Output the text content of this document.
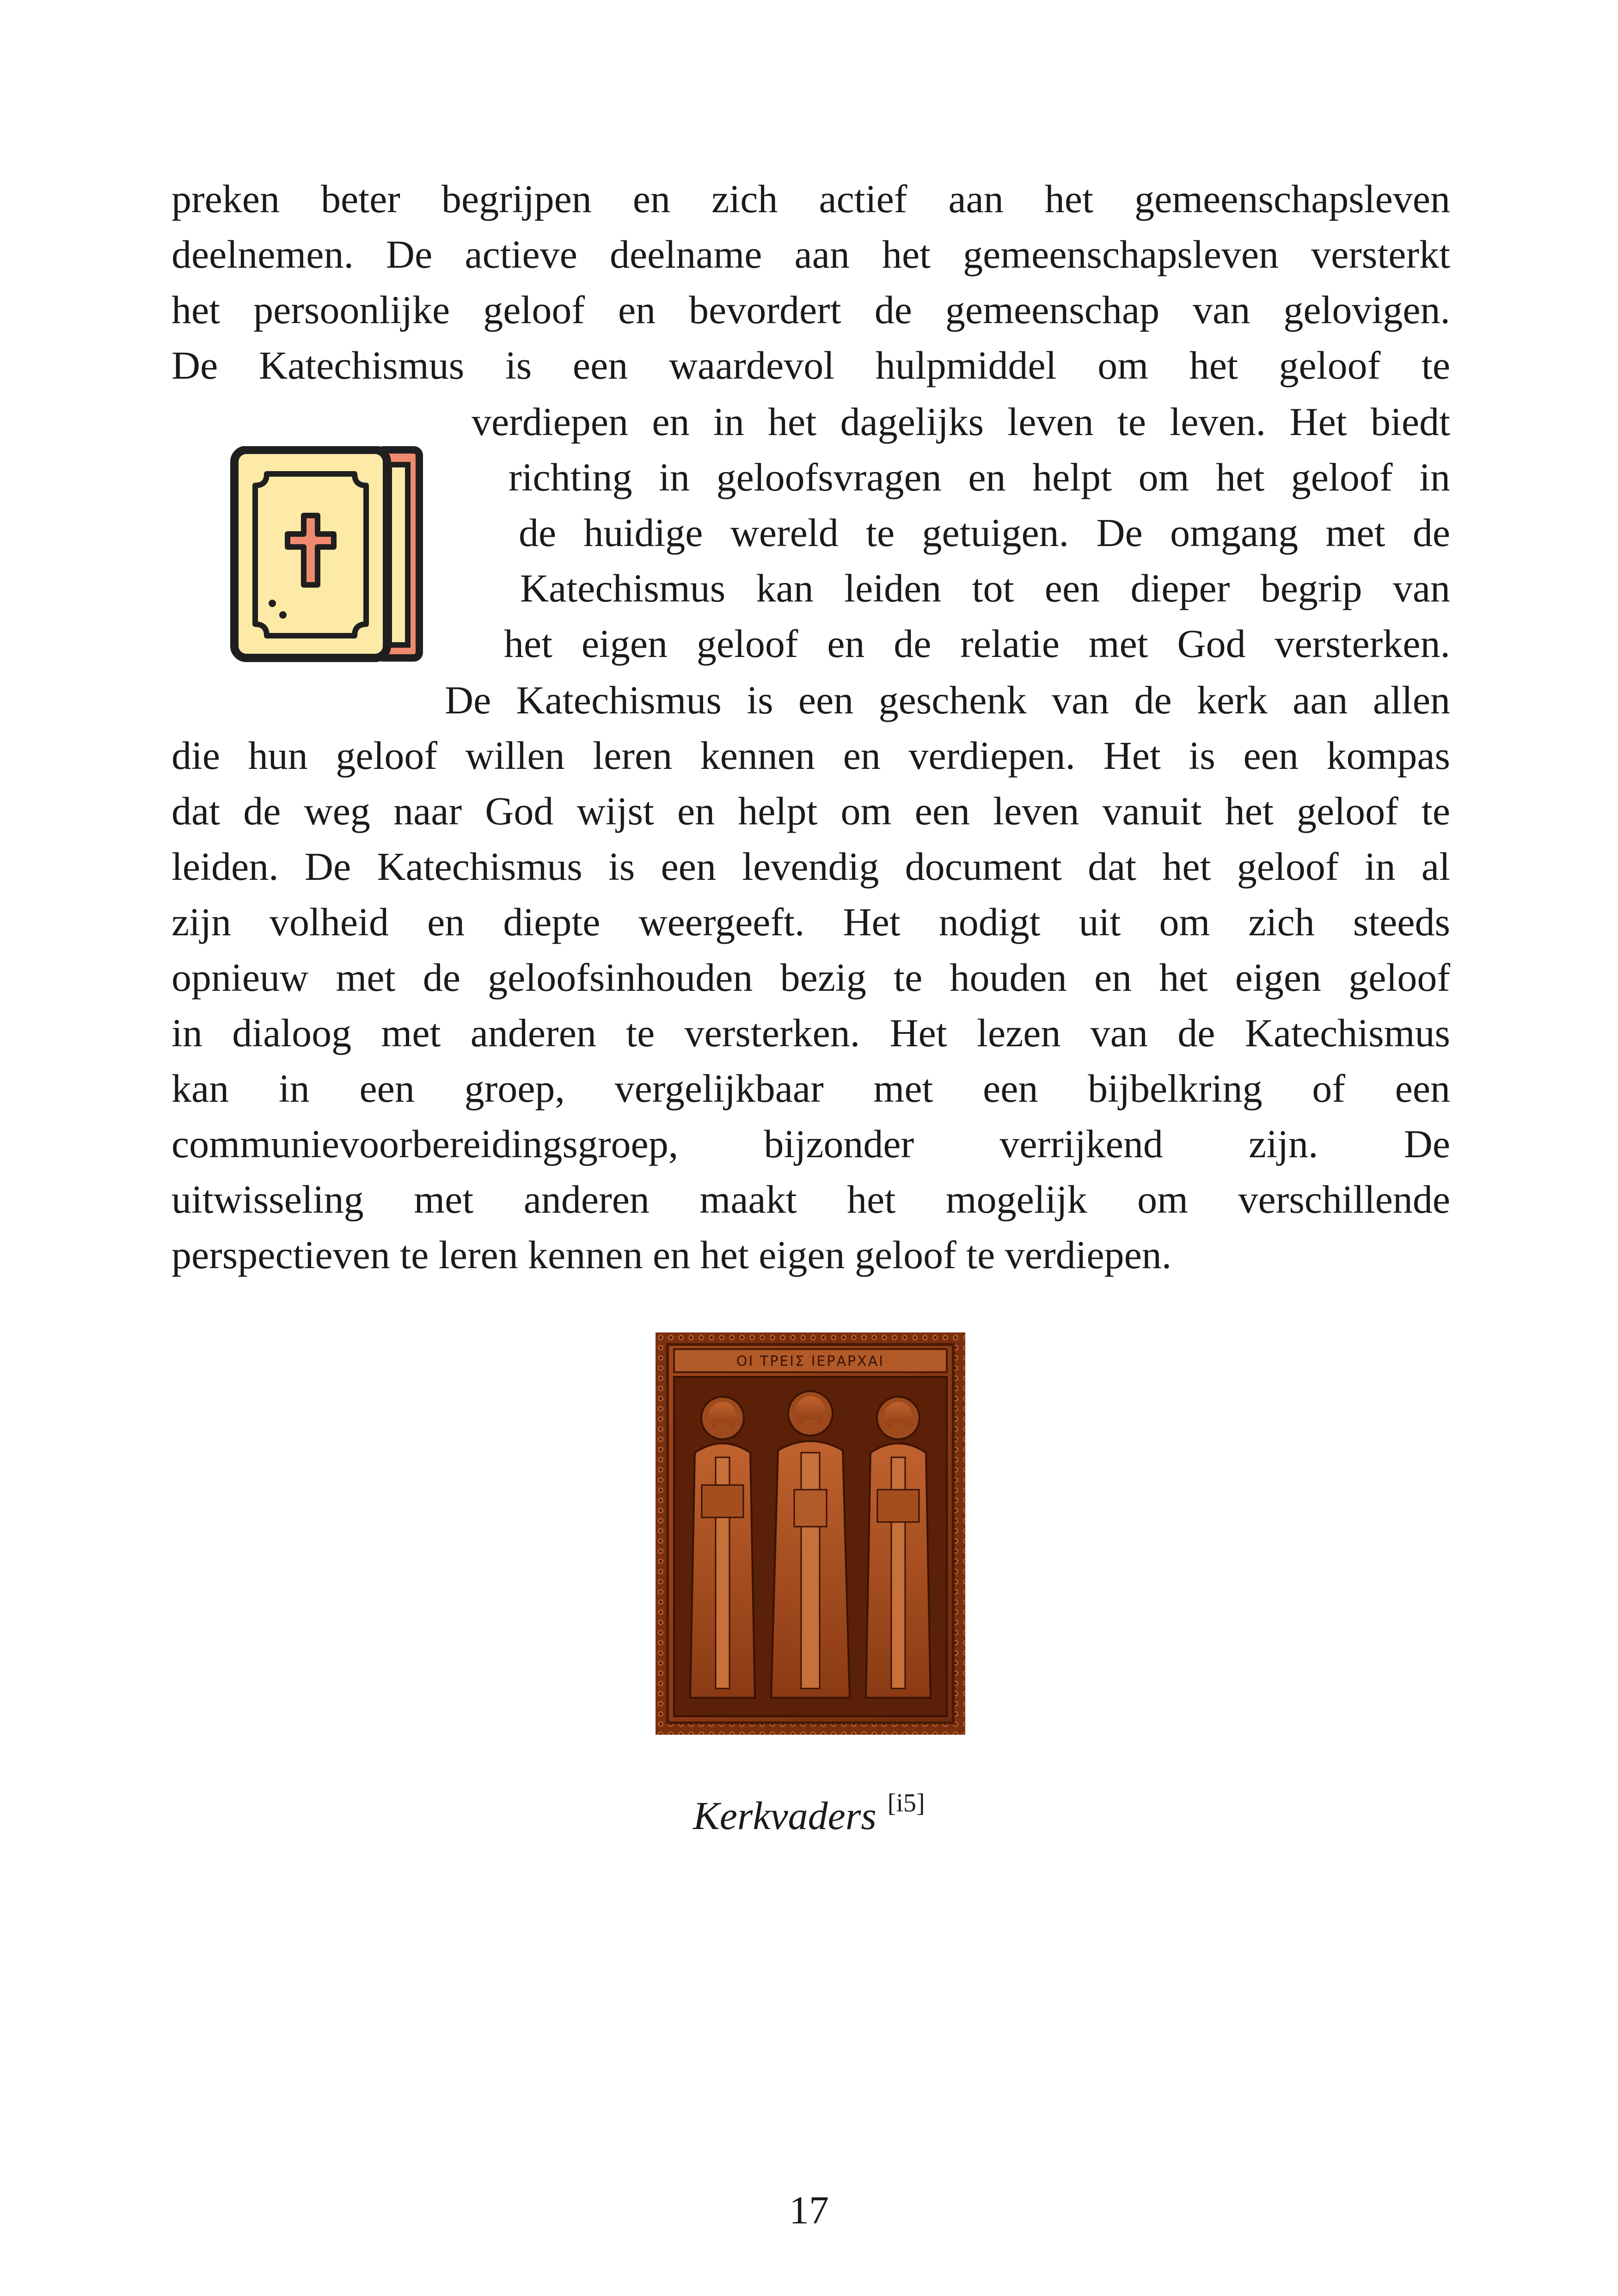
preken beter begrijpen en zich actief aan het gemeenschapsleven
deelnemen. De actieve deelname aan het gemeenschapsleven versterkt
het persoonlijke geloof en bevordert de gemeenschap van gelovigen.
De Katechismus is een waardevol hulpmiddel om het geloof te
verdiepen en in het dagelijks leven te leven. Het biedt
richting in geloofsvragen en helpt om het geloof in
de huidige wereld te getuigen. De omgang met de
Katechismus kan leiden tot een dieper begrip van
het eigen geloof en de relatie met God versterken.
De Katechismus is een geschenk van de kerk aan allen
die hun geloof willen leren kennen en verdiepen. Het is een kompas
dat de weg naar God wijst en helpt om een leven vanuit het geloof te
leiden. De Katechismus is een levendig document dat het geloof in al
zijn volheid en diepte weergeeft. Het nodigt uit om zich steeds
opnieuw met de geloofsinhouden bezig te houden en het eigen geloof
in dialoog met anderen te versterken. Het lezen van de Katechismus
kan in een groep, vergelijkbaar met een bijbelkring of een
communievoorbereidingsgroep, bijzonder verrijkend zijn. De
uitwisseling met anderen maakt het mogelijk om verschillende
perspectieven te leren kennen en het eigen geloof te verdiepen.
ΟΙ ΤΡΕΙΣ ΙΕΡΑΡΧΑΙ
Kerkvaders [i5]
17
